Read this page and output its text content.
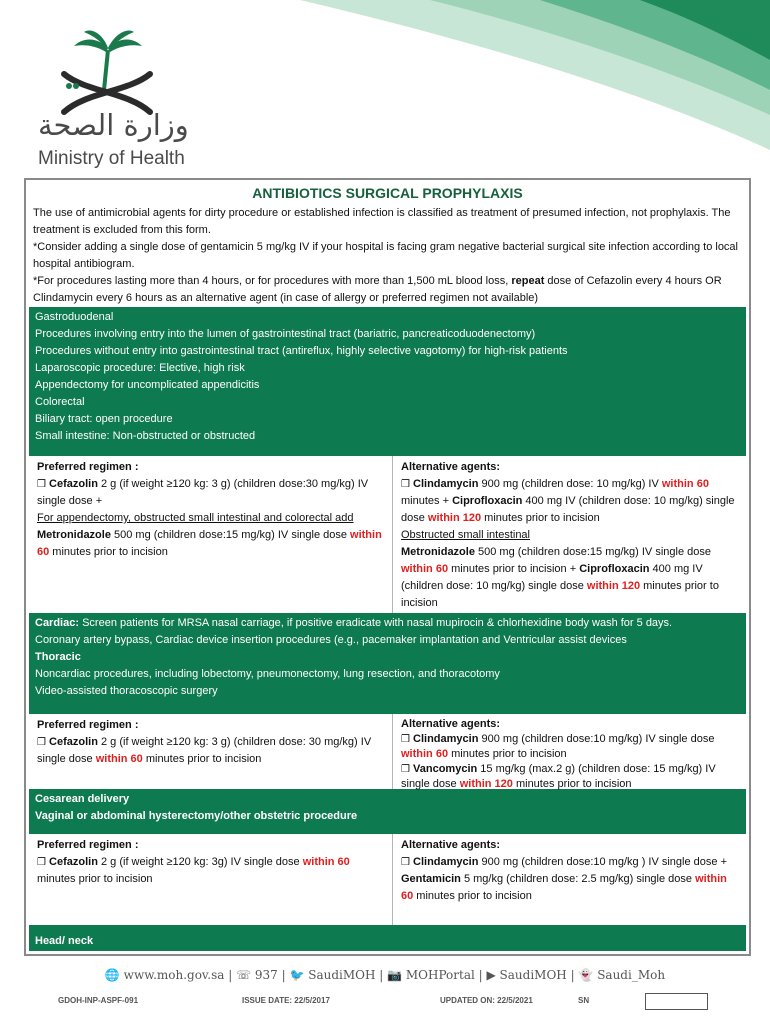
وزارة الصحة
Ministry of Health
ANTIBIOTICS SURGICAL PROPHYLAXIS

The use of antimicrobial agents for dirty procedure or established infection is classified as treatment of presumed infection, not prophylaxis. The treatment is excluded from this form.

*Consider adding a single dose of gentamicin 5 mg/kg IV if your hospital is facing gram negative bacterial surgical site infection according to local hospital antibiogram.

*For procedures lasting more than 4 hours, or for procedures with more than 1,500 mL blood loss, repeat dose of Cefazolin every 4 hours OR Clindamycin every 6 hours as an alternative agent (in case of allergy or preferred regimen not available)

Gastroduodenal

Procedures involving entry into the lumen of gastrointestinal tract (bariatric, pancreaticoduodenectomy)

Procedures without entry into gastrointestinal tract (antireflux, highly selective vagotomy) for high-risk patients

Laparoscopic procedure: Elective, high risk

Appendectomy for uncomplicated appendicitis

Colorectal

Biliary tract: open procedure

Small intestine: Non-obstructed or obstructed

Preferred regimen :

❒ Cefazolin 2 g (if weight ≥120 kg: 3 g) (children dose:30 mg/kg) IV single dose +

For appendectomy, obstructed small intestinal and colorectal add Metronidazole 500 mg (children dose:15 mg/kg) IV single dose within 60 minutes prior to incision

Alternative agents:

❒ Clindamycin 900 mg (children dose: 10 mg/kg) IV within 60 minutes + Ciprofloxacin 400 mg IV (children dose: 10 mg/kg) single dose within 120 minutes prior to incision

Obstructed small intestinal

Metronidazole 500 mg (children dose:15 mg/kg) IV single dose within 60 minutes prior to incision + Ciprofloxacin 400 mg IV (children dose: 10 mg/kg) single dose within 120 minutes prior to incision

Cardiac: Screen patients for MRSA nasal carriage, if positive eradicate with nasal mupirocin & chlorhexidine body wash for 5 days.

Coronary artery bypass, Cardiac device insertion procedures (e.g., pacemaker implantation and Ventricular assist devices

Thoracic

Noncardiac procedures, including lobectomy, pneumonectomy, lung resection, and thoracotomy

Video-assisted thoracoscopic surgery

Preferred regimen :

❒ Cefazolin 2 g (if weight ≥120 kg: 3 g) (children dose: 30 mg/kg) IV single dose within 60 minutes prior to incision

Alternative agents:

❒ Clindamycin 900 mg (children dose:10 mg/kg) IV single dose within 60 minutes prior to incision

❒ Vancomycin 15 mg/kg (max.2 g) (children dose: 15 mg/kg) IV single dose within 120 minutes prior to incision

Cesarean delivery

Vaginal or abdominal hysterectomy/other obstetric procedure

Preferred regimen :

❒ Cefazolin 2 g (if weight ≥120 kg: 3g) IV single dose within 60 minutes prior to incision

Alternative agents:

❒ Clindamycin 900 mg (children dose:10 mg/kg ) IV single dose + Gentamicin 5 mg/kg (children dose: 2.5 mg/kg) single dose within 60 minutes prior to incision

Head/ neck

🌐 www.moh.gov.sa | ☏ 937 | 🐦 SaudiMOH | 📷 MOHPortal | ▶ SaudiMOH | 👻 Saudi_Moh
GDOH-INP-ASPF-091	ISSUE DATE: 22/5/2017	UPDATED ON: 22/5/2021	SN
